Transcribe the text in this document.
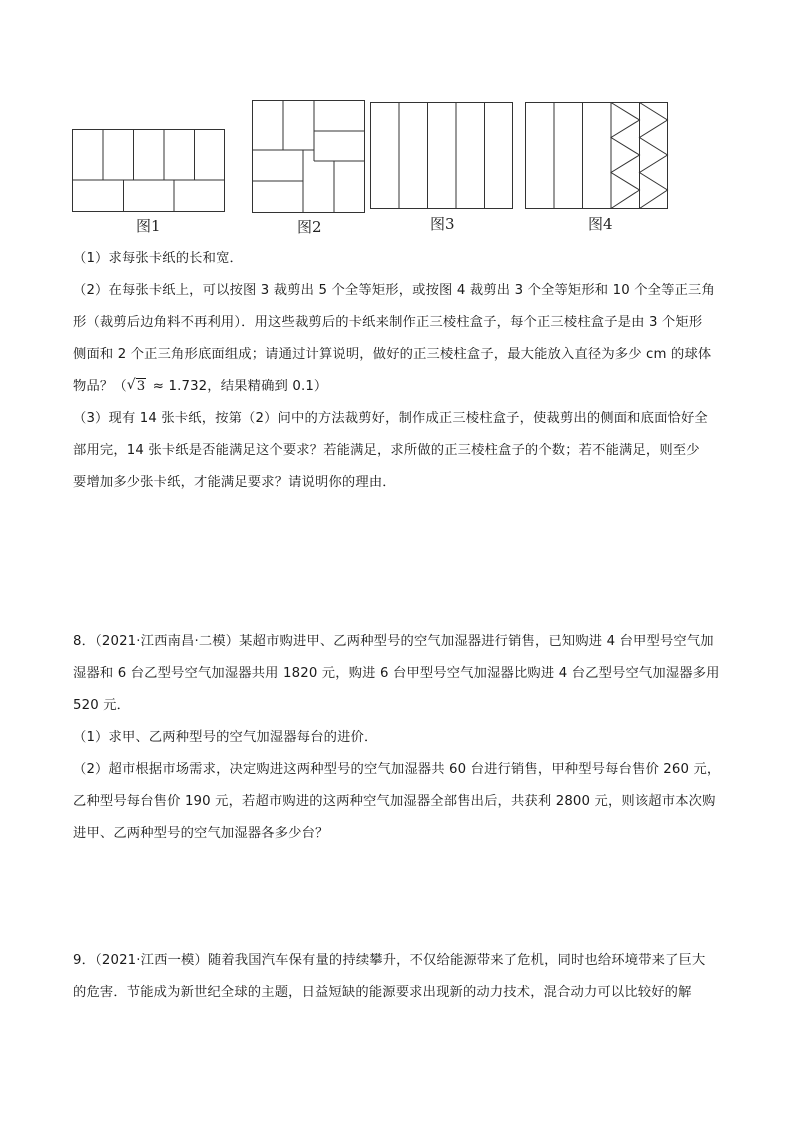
图1	图2	图3	图4
（1）求每张卡纸的长和宽．
（2）在每张卡纸上，可以按图 3 裁剪出 5 个全等矩形，或按图 4 裁剪出 3 个全等矩形和 10 个全等正三角
形（裁剪后边角料不再利用）．用这些裁剪后的卡纸来制作正三棱柱盒子，每个正三棱柱盒子是由 3 个矩形
侧面和 2 个正三角形底面组成；请通过计算说明，做好的正三棱柱盒子，最大能放入直径为多少 cm 的球体
物品？（ √ 3 ≈ 1.732，结果精确到 0.1）
（3）现有 14 张卡纸，按第（2）问中的方法裁剪好，制作成正三棱柱盒子，使裁剪出的侧面和底面恰好全
部用完，14 张卡纸是否能满足这个要求？若能满足，求所做的正三棱柱盒子的个数；若不能满足，则至少
要增加多少张卡纸，才能满足要求？请说明你的理由．
8．（2021·江西南昌·二模）某超市购进甲、乙两种型号的空气加湿器进行销售，已知购进 4 台甲型号空气加
湿器和 6 台乙型号空气加湿器共用 1820 元，购进 6 台甲型号空气加湿器比购进 4 台乙型号空气加湿器多用
520 元．
（1）求甲、乙两种型号的空气加湿器每台的进价．
（2）超市根据市场需求，决定购进这两种型号的空气加湿器共 60 台进行销售，甲种型号每台售价 260 元，
乙种型号每台售价 190 元，若超市购进的这两种空气加湿器全部售出后，共获利 2800 元，则该超市本次购
进甲、乙两种型号的空气加湿器各多少台？
9．（2021·江西一模）随着我国汽车保有量的持续攀升，不仅给能源带来了危机，同时也给环境带来了巨大
的危害．节能成为新世纪全球的主题，日益短缺的能源要求出现新的动力技术，混合动力可以比较好的解
